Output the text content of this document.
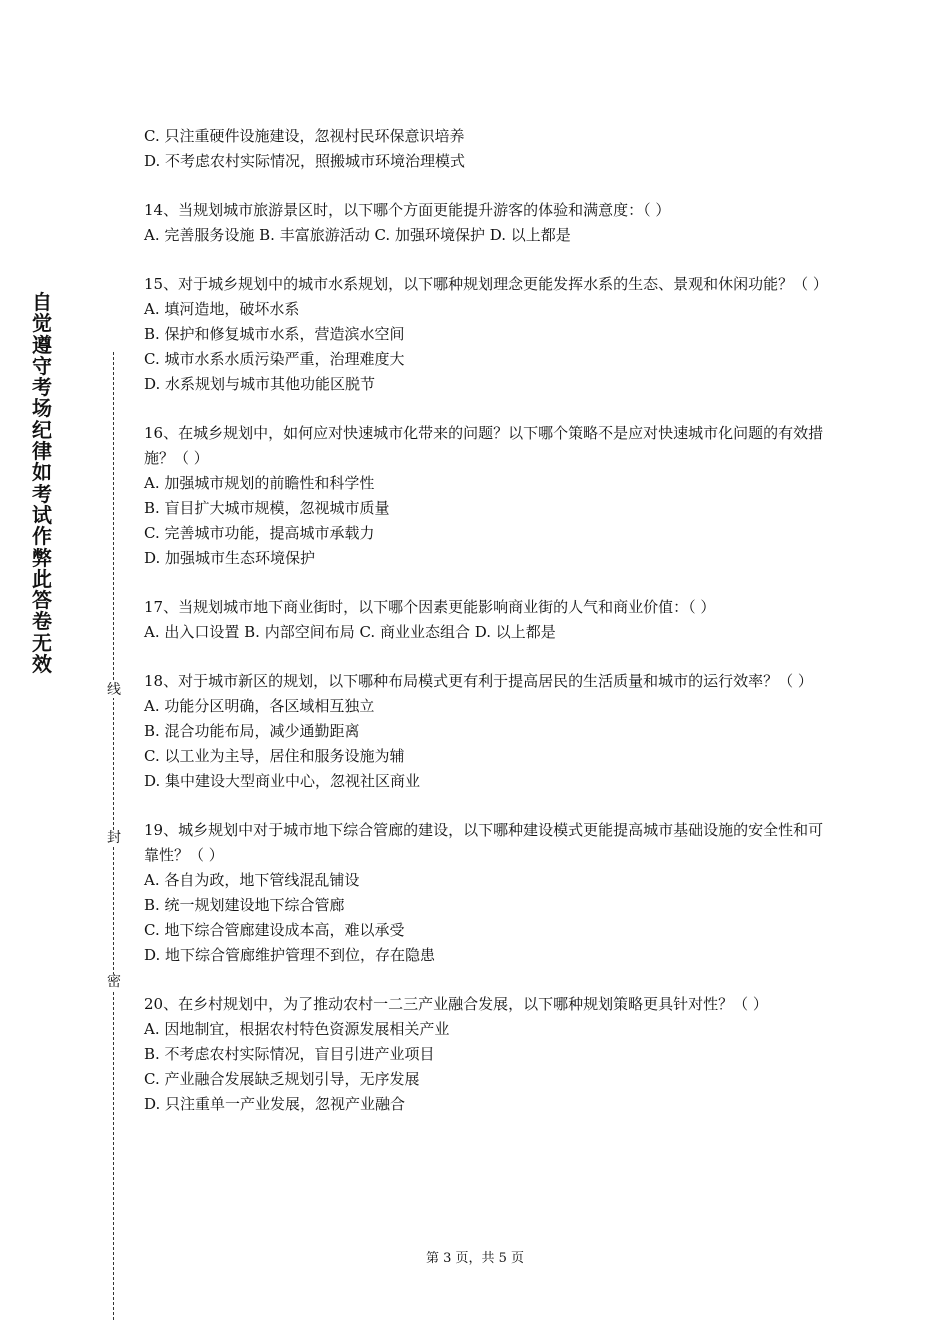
自觉遵守考场纪律如考试作弊此答卷无效
线
封
密
C. 只注重硬件设施建设，忽视村民环保意识培养
D. 不考虑农村实际情况，照搬城市环境治理模式
14、当规划城市旅游景区时，以下哪个方面更能提升游客的体验和满意度：（ ）
A. 完善服务设施 B. 丰富旅游活动 C. 加强环境保护 D. 以上都是
15、对于城乡规划中的城市水系规划，以下哪种规划理念更能发挥水系的生态、景观和休闲功能？（ ）
A. 填河造地，破坏水系
B. 保护和修复城市水系，营造滨水空间
C. 城市水系水质污染严重，治理难度大
D. 水系规划与城市其他功能区脱节
16、在城乡规划中，如何应对快速城市化带来的问题？以下哪个策略不是应对快速城市化问题的有效措施？（ ）
A. 加强城市规划的前瞻性和科学性
B. 盲目扩大城市规模，忽视城市质量
C. 完善城市功能，提高城市承载力
D. 加强城市生态环境保护
17、当规划城市地下商业街时，以下哪个因素更能影响商业街的人气和商业价值：（ ）
A. 出入口设置 B. 内部空间布局 C. 商业业态组合 D. 以上都是
18、对于城市新区的规划，以下哪种布局模式更有利于提高居民的生活质量和城市的运行效率？（ ）
A. 功能分区明确，各区域相互独立
B. 混合功能布局，减少通勤距离
C. 以工业为主导，居住和服务设施为辅
D. 集中建设大型商业中心，忽视社区商业
19、城乡规划中对于城市地下综合管廊的建设，以下哪种建设模式更能提高城市基础设施的安全性和可靠性？（ ）
A. 各自为政，地下管线混乱铺设
B. 统一规划建设地下综合管廊
C. 地下综合管廊建设成本高，难以承受
D. 地下综合管廊维护管理不到位，存在隐患
20、在乡村规划中，为了推动农村一二三产业融合发展，以下哪种规划策略更具针对性？（ ）
A. 因地制宜，根据农村特色资源发展相关产业
B. 不考虑农村实际情况，盲目引进产业项目
C. 产业融合发展缺乏规划引导，无序发展
D. 只注重单一产业发展，忽视产业融合
第 3 页，共 5 页
